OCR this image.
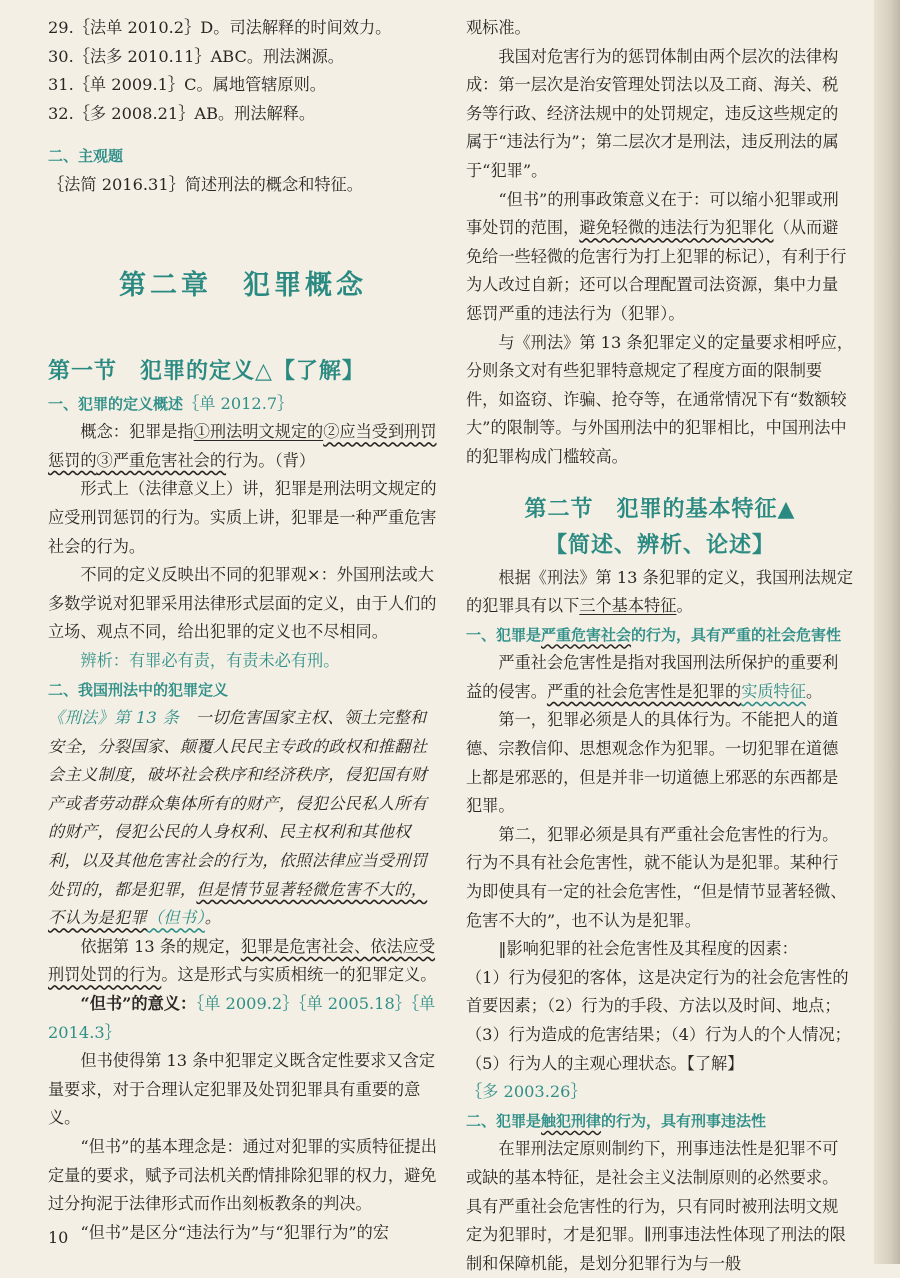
29.｛法单 2010.2｝D。司法解释的时间效力。

30.｛法多 2010.11｝ABC。刑法渊源。

31.｛单 2009.1｝C。属地管辖原则。

32.｛多 2008.21｝AB。刑法解释。

二、主观题

｛法简 2016.31｝简述刑法的概念和特征。

第二章　犯罪概念
第一节　犯罪的定义△【了解】

一、犯罪的定义概述｛单 2012.7｝

概念：犯罪是指①刑法明文规定的②应当受到刑罚惩罚的③严重危害社会的行为。（背）

形式上（法律意义上）讲，犯罪是刑法明文规定的应受刑罚惩罚的行为。实质上讲，犯罪是一种严重危害社会的行为。

不同的定义反映出不同的犯罪观×：外国刑法或大多数学说对犯罪采用法律形式层面的定义，由于人们的立场、观点不同，给出犯罪的定义也不尽相同。

辨析：有罪必有责，有责未必有刑。

二、我国刑法中的犯罪定义

《刑法》第 13 条　一切危害国家主权、领土完整和安全，分裂国家、颠覆人民民主专政的政权和推翻社会主义制度，破坏社会秩序和经济秩序，侵犯国有财产或者劳动群众集体所有的财产，侵犯公民私人所有的财产，侵犯公民的人身权利、民主权利和其他权利，以及其他危害社会的行为，依照法律应当受刑罚处罚的，都是犯罪，但是情节显著轻微危害不大的，不认为是犯罪（但书）。

依据第 13 条的规定，犯罪是危害社会、依法应受刑罚处罚的行为。这是形式与实质相统一的犯罪定义。

“但书”的意义：｛单 2009.2｝｛单 2005.18｝｛单 2014.3｝

但书使得第 13 条中犯罪定义既含定性要求又含定量要求，对于合理认定犯罪及处罚犯罪具有重要的意义。

“但书”的基本理念是：通过对犯罪的实质特征提出定量的要求，赋予司法机关酌情排除犯罪的权力，避免过分拘泥于法律形式而作出刻板教条的判决。

“但书”是区分“违法行为”与“犯罪行为”的宏

观标准。

我国对危害行为的惩罚体制由两个层次的法律构成：第一层次是治安管理处罚法以及工商、海关、税务等行政、经济法规中的处罚规定，违反这些规定的属于“违法行为”；第二层次才是刑法，违反刑法的属于“犯罪”。

“但书”的刑事政策意义在于：可以缩小犯罪或刑事处罚的范围，避免轻微的违法行为犯罪化（从而避免给一些轻微的危害行为打上犯罪的标记），有利于行为人改过自新；还可以合理配置司法资源，集中力量惩罚严重的违法行为（犯罪）。

与《刑法》第 13 条犯罪定义的定量要求相呼应，分则条文对有些犯罪特意规定了程度方面的限制要件，如盗窃、诈骗、抢夺等，在通常情况下有“数额较大”的限制等。与外国刑法中的犯罪相比，中国刑法中的犯罪构成门槛较高。

第二节　犯罪的基本特征▲
【简述、辨析、论述】

根据《刑法》第 13 条犯罪的定义，我国刑法规定的犯罪具有以下三个基本特征。

一、犯罪是严重危害社会的行为，具有严重的社会危害性

严重社会危害性是指对我国刑法所保护的重要利益的侵害。严重的社会危害性是犯罪的实质特征。

第一，犯罪必须是人的具体行为。不能把人的道德、宗教信仰、思想观念作为犯罪。一切犯罪在道德上都是邪恶的，但是并非一切道德上邪恶的东西都是犯罪。

第二，犯罪必须是具有严重社会危害性的行为。行为不具有社会危害性，就不能认为是犯罪。某种行为即使具有一定的社会危害性，“但是情节显著轻微、危害不大的”，也不认为是犯罪。

‖影响犯罪的社会危害性及其程度的因素：

（1）行为侵犯的客体，这是决定行为的社会危害性的首要因素；（2）行为的手段、方法以及时间、地点；（3）行为造成的危害结果；（4）行为人的个人情况；（5）行为人的主观心理状态。【了解】｛多 2003.26｝

二、犯罪是触犯刑律的行为，具有刑事违法性

在罪刑法定原则制约下，刑事违法性是犯罪不可或缺的基本特征，是社会主义法制原则的必然要求。具有严重社会危害性的行为，只有同时被刑法明文规定为犯罪时，才是犯罪。∥刑事违法性体现了刑法的限制和保障机能，是划分犯罪行为与一般

10
